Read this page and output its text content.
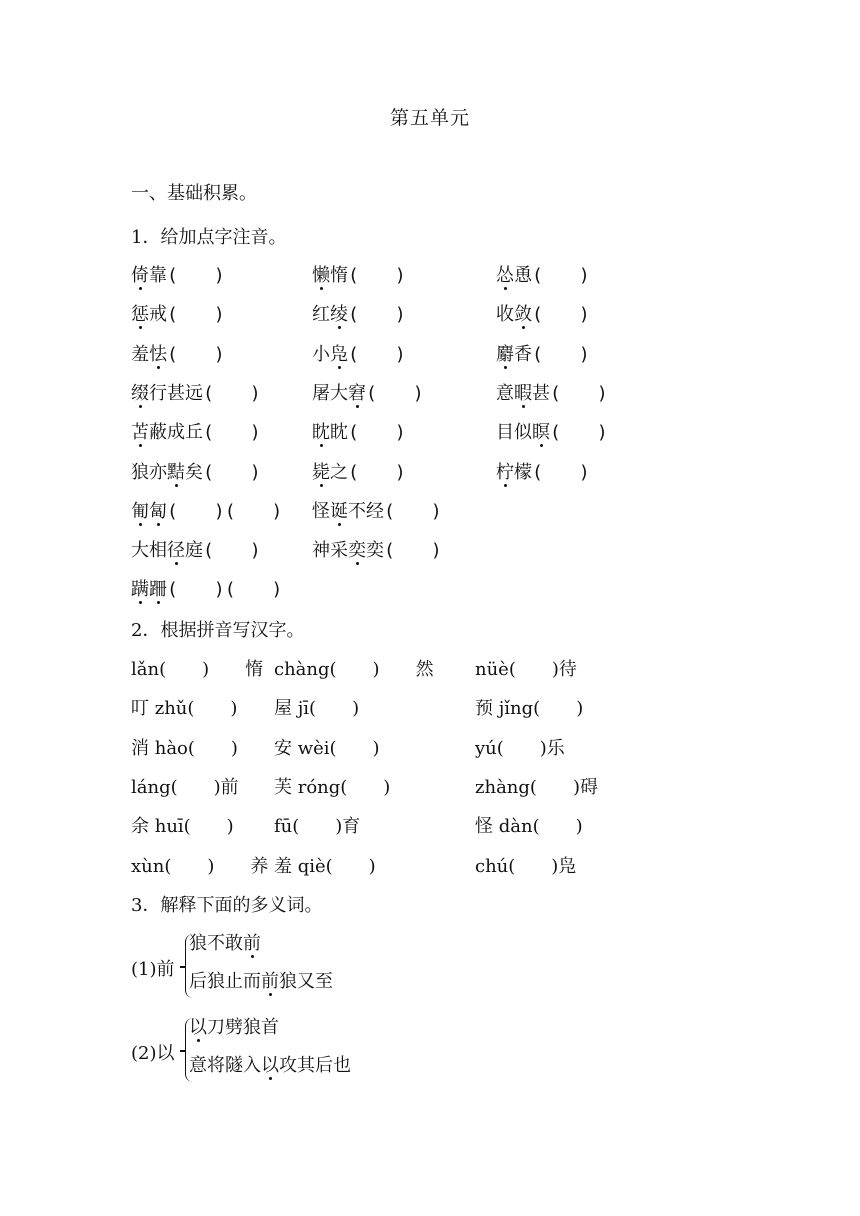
第五单元
一、基础积累。
1．给加点字注音。
倚靠(　　)	懒惰(　　)	怂恿(　　)
惩戒(　　)	红绫(　　)	收敛(　　)
羞怯(　　)	小凫(　　)	麝香(　　)
缀行甚远(　　)	屠大窘(　　)	意暇甚(　　)
苫蔽成丘(　　)	眈眈(　　)	目似瞑(　　)
狼亦黠矣(　　)	毙之(　　)	柠檬(　　)
匍匐(　　)(　　) 怪诞不经(　　)
大相径庭(　　)	神采奕奕(　　)
蹒跚(　　)(　　)
2．根据拼音写汉字。
lǎn(　　)　　惰 chàng(　　)　　然 nüè(　　)待
叮 zhǔ(　　) 屋 jī(　　)	预 jǐng(　　)
消 hào(　　) 安 wèi(　　)	yú(　　)乐
láng(　　)前 芙 róng(　　)	zhàng(　　)碍
余 huī(　　) fū(　　)育	怪 dàn(　　)
xùn(　　)　　养 羞 qiè(　　)	chú(　　)凫
3．解释下面的多义词。
(1)前
狼不敢前
后狼止而前狼又至
(2)以
以刀劈狼首
意将隧入以攻其后也
